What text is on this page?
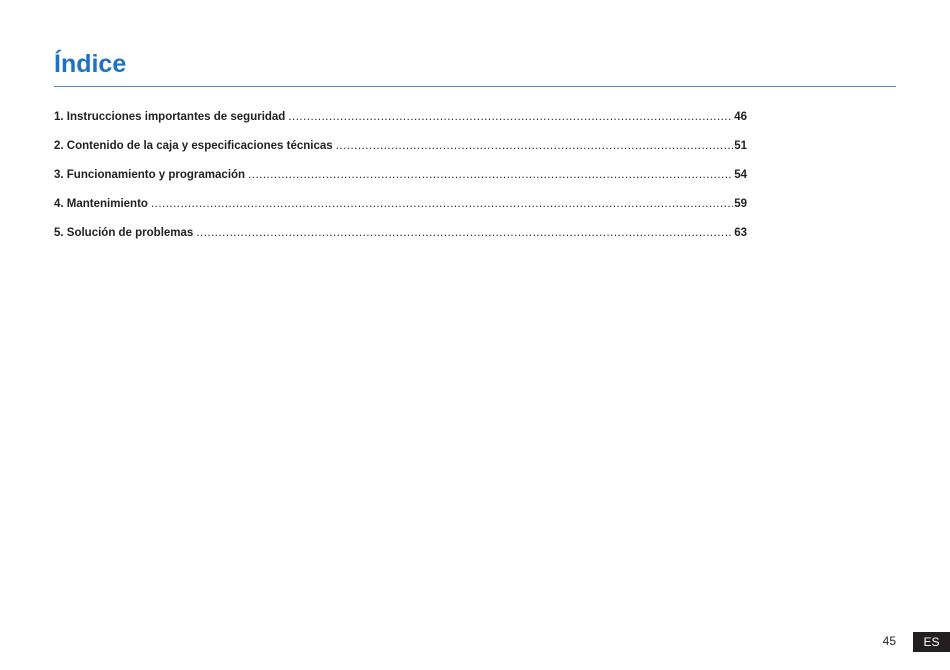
Índice
1. Instrucciones importantes de seguridad .....	46
2. Contenido de la caja y especificaciones técnicas .....	51
3. Funcionamiento y programación .....	54
4. Mantenimiento .....	59
5. Solución de problemas .....	63
45	ES
